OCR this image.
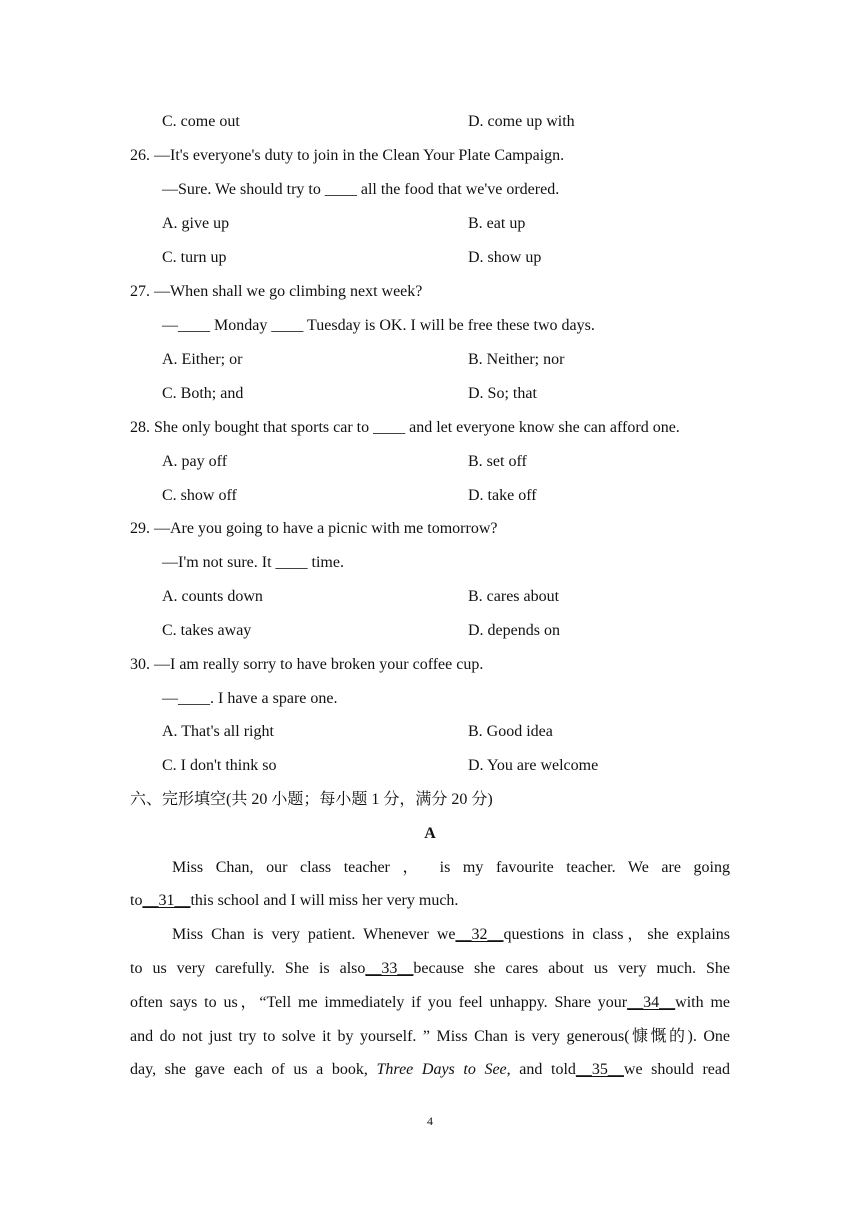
C. come out	D. come up with
26. —It's everyone's duty to join in the Clean Your Plate Campaign.
—Sure. We should try to ____ all the food that we've ordered.
A. give up	B. eat up
C. turn up	D. show up
27. —When shall we go climbing next week?
—____ Monday ____ Tuesday is OK. I will be free these two days.
A. Either; or	B. Neither; nor
C. Both; and	D. So; that
28. She only bought that sports car to ____ and let everyone know she can afford one.
A. pay off	B. set off
C. show off	D. take off
29. —Are you going to have a picnic with me tomorrow?
—I'm not sure. It ____ time.
A. counts down	B. cares about
C. takes away	D. depends on
30. —I am really sorry to have broken your coffee cup.
—____. I have a spare one.
A. That's all right	B. Good idea
C. I don't think so	D. You are welcome
六、完形填空(共 20 小题；每小题 1 分，满分 20 分)
A
Miss Chan, our class teacher ， is my favourite teacher. We are going
to__31__this school and I will miss her very much.
Miss Chan is very patient. Whenever we__32__questions in class，she explains
to us very carefully. She is also__33__because she cares about us very much. She
often says to us，“Tell me immediately if you feel unhappy. Share your__34__with me
and do not just try to solve it by yourself. ” Miss Chan is very generous(慷慨的). One
day, she gave each of us a book, Three Days to See, and told__35__we should read
4
